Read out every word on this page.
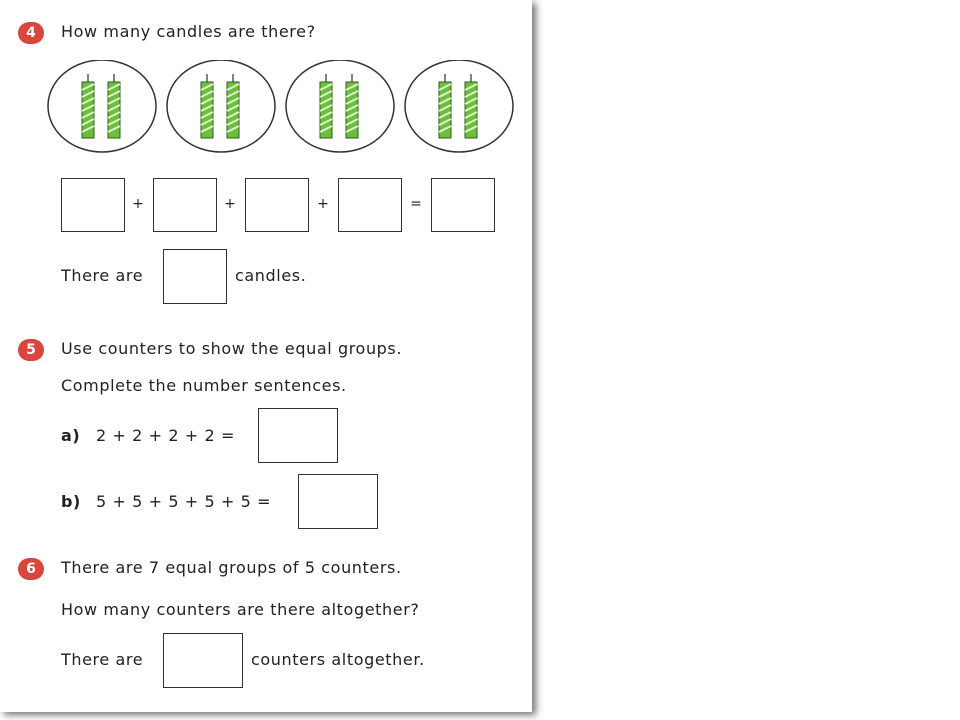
4	How many candles are there?
+	+	+	=
There are	candles.
5	Use counters to show the equal groups.
Complete the number sentences.
a) 2 + 2 + 2 + 2 =
b) 5 + 5 + 5 + 5 + 5 =
6	There are 7 equal groups of 5 counters.
How many counters are there altogether?
There are	counters altogether.
